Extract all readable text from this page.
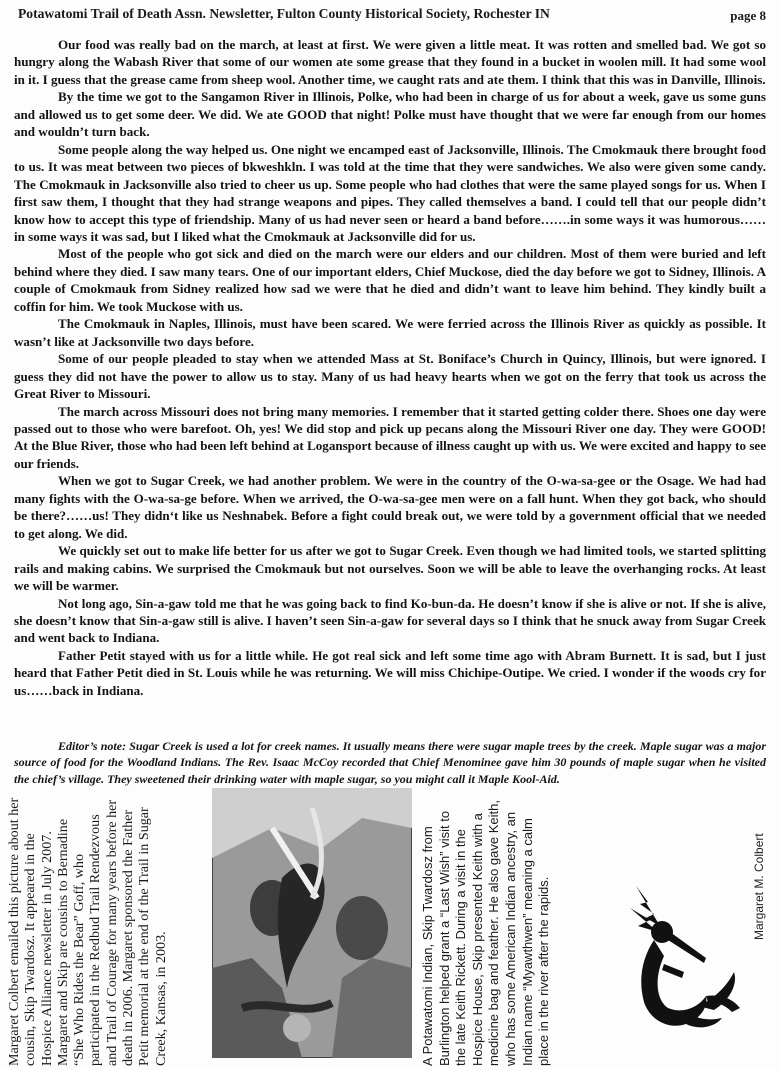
Potawatomi Trail of Death Assn. Newsletter, Fulton County Historical Society, Rochester IN	page 8

Our food was really bad on the march, at least at first. We were given a little meat. It was rotten and smelled bad. We got so hungry along the Wabash River that some of our women ate some grease that they found in a bucket in woolen mill. It had some wool in it. I guess that the grease came from sheep wool. Another time, we caught rats and ate them. I think that this was in Danville, Illinois.

By the time we got to the Sangamon River in Illinois, Polke, who had been in charge of us for about a week, gave us some guns and allowed us to get some deer. We did. We ate GOOD that night! Polke must have thought that we were far enough from our homes and wouldn’t turn back.

Some people along the way helped us. One night we encamped east of Jacksonville, Illinois. The Cmokmauk there brought food to us. It was meat between two pieces of bkweshkln. I was told at the time that they were sandwiches. We also were given some candy. The Cmokmauk in Jacksonville also tried to cheer us up. Some people who had clothes that were the same played songs for us. When I first saw them, I thought that they had strange weapons and pipes. They called themselves a band. I could tell that our people didn’t know how to accept this type of friendship. Many of us had never seen or heard a band before…….in some ways it was humorous……in some ways it was sad, but I liked what the Cmokmauk at Jacksonville did for us.

Most of the people who got sick and died on the march were our elders and our children. Most of them were buried and left behind where they died. I saw many tears. One of our important elders, Chief Muckose, died the day before we got to Sidney, Illinois. A couple of Cmokmauk from Sidney realized how sad we were that he died and didn’t want to leave him behind. They kindly built a coffin for him. We took Muckose with us.

The Cmokmauk in Naples, Illinois, must have been scared. We were ferried across the Illinois River as quickly as possible. It wasn’t like at Jacksonville two days before.

Some of our people pleaded to stay when we attended Mass at St. Boniface’s Church in Quincy, Illinois, but were ignored. I guess they did not have the power to allow us to stay. Many of us had heavy hearts when we got on the ferry that took us across the Great River to Missouri.

The march across Missouri does not bring many memories. I remember that it started getting colder there. Shoes one day were passed out to those who were barefoot. Oh, yes! We did stop and pick up pecans along the Missouri River one day. They were GOOD! At the Blue River, those who had been left behind at Logansport because of illness caught up with us. We were excited and happy to see our friends.

When we got to Sugar Creek, we had another problem. We were in the country of the O-wa-sa-gee or the Osage. We had had many fights with the O-wa-sa-ge before. When we arrived, the O-wa-sa-gee men were on a fall hunt. When they got back, who should be there?……us! They didn‘t like us Neshnabek. Before a fight could break out, we were told by a government official that we needed to get along. We did.

We quickly set out to make life better for us after we got to Sugar Creek. Even though we had limited tools, we started splitting rails and making cabins. We surprised the Cmokmauk but not ourselves. Soon we will be able to leave the overhanging rocks. At least we will be warmer.

Not long ago, Sin-a-gaw told me that he was going back to find Ko-bun-da. He doesn’t know if she is alive or not. If she is alive, she doesn’t know that Sin-a-gaw still is alive. I haven’t seen Sin-a-gaw for several days so I think that he snuck away from Sugar Creek and went back to Indiana.

Father Petit stayed with us for a little while. He got real sick and left some time ago with Abram Burnett. It is sad, but I just heard that Father Petit died in St. Louis while he was returning. We will miss Chichipe-Outipe. We cried. I wonder if the woods cry for us……back in Indiana.

Editor’s note: Sugar Creek is used a lot for creek names. It usually means there were sugar maple trees by the creek. Maple sugar was a major source of food for the Woodland Indians. The Rev. Isaac McCoy recorded that Chief Menominee gave him 30 pounds of maple sugar when he visited the chief’s village. They sweetened their drinking water with maple sugar, so you might call it Maple Kool-Aid.
Margaret Colbert emailed this picture about her cousin, Skip Twardosz. It appeared in the Hospice Alliance newsletter in July 2007. Margaret and Skip are cousins to Bernadine “She Who Rides the Bear” Goff, who participated in the Redbud Trail Rendezvous and Trail of Courage for many years before her death in 2006. Margaret sponsored the Father Petit memorial at the end of the Trail in Sugar Creek, Kansas, in 2003.	A Potawatomi Indian, Skip Twardosz from Burlington helped grant a “Last Wish” visit to the late Keith Rickett. During a visit in the Hospice House, Skip presented Keith with a medicine bag and feather. He also gave Keith, who has some American Indian ancestry, an Indian name “Myawthwen” meaning a calm place in the river after the rapids.	Margaret M. Colbert
